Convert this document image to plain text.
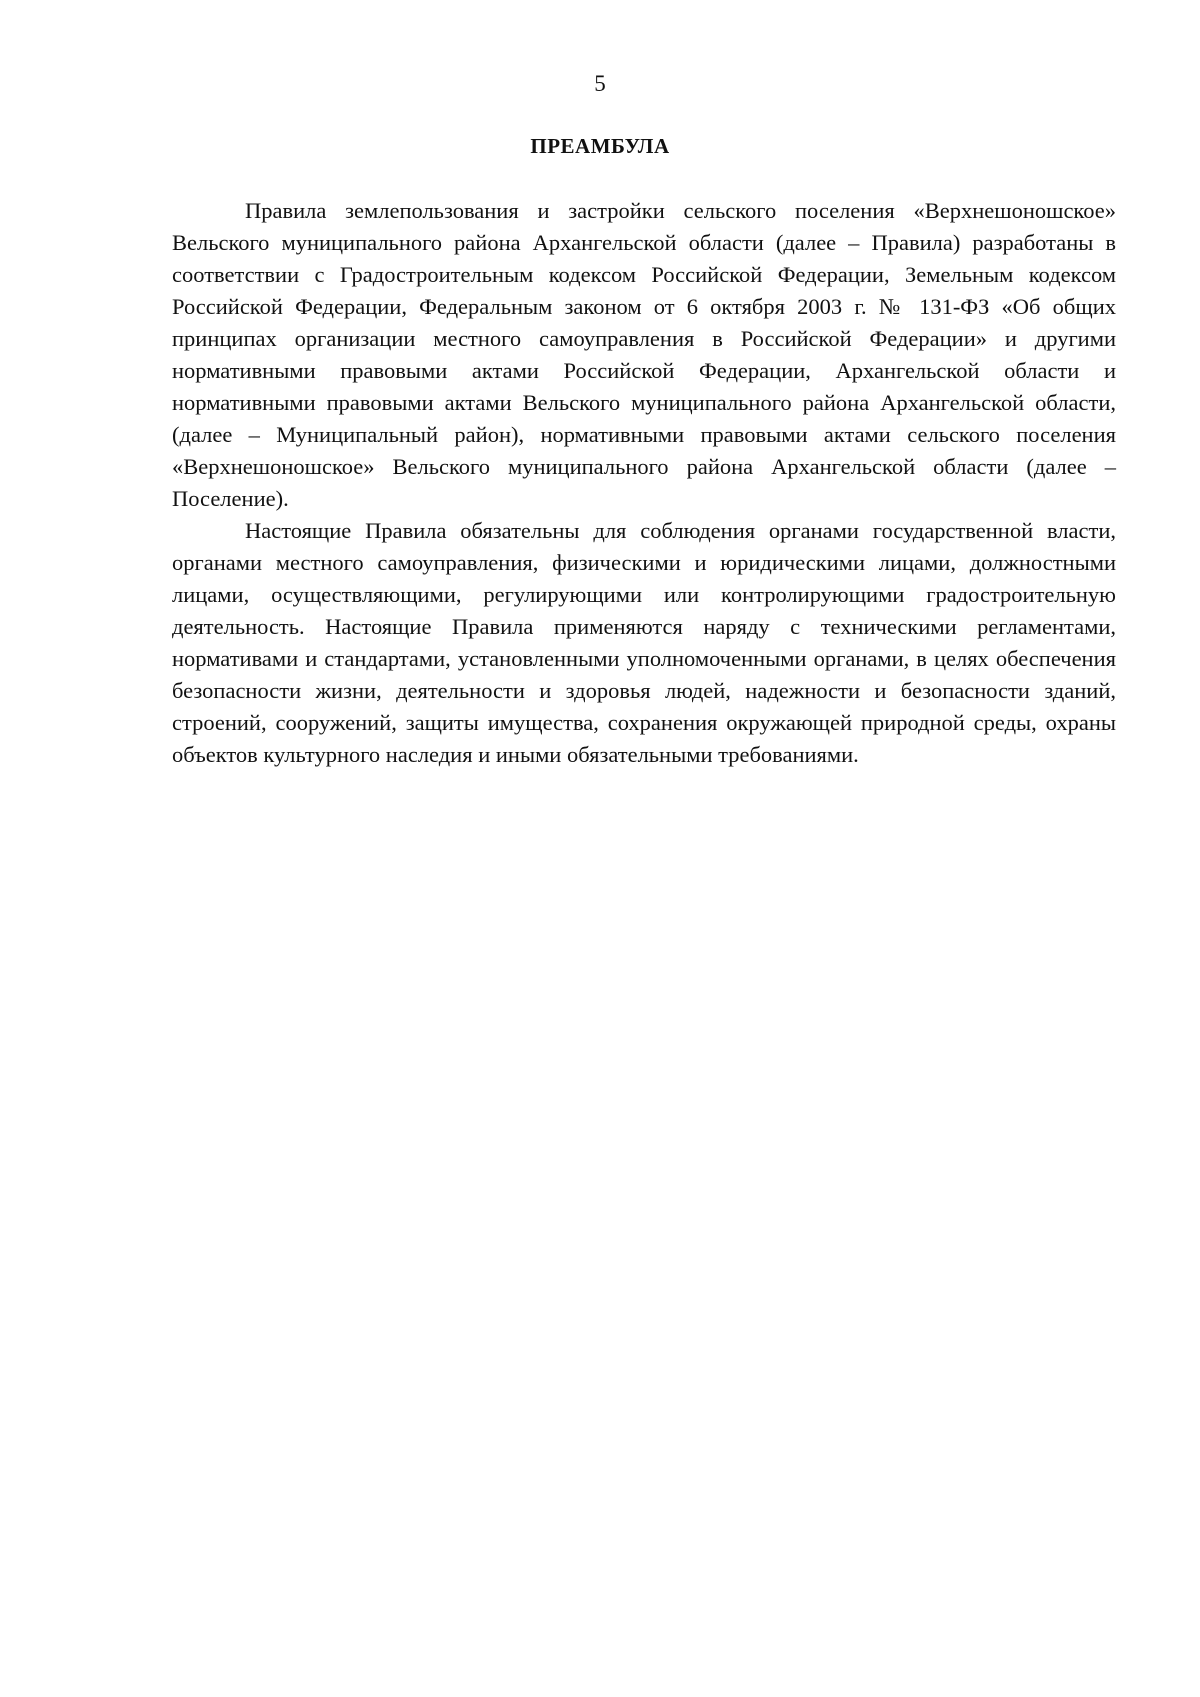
5
ПРЕАМБУЛА

Правила землепользования и застройки сельского поселения «Верхнешоношское» Вельского муниципального района Архангельской области (далее – Правила) разработаны в соответствии с Градостроительным кодексом Российской Федерации, Земельным кодексом Российской Федерации, Федеральным законом от 6 октября 2003 г. № 131-ФЗ «Об общих принципах организации местного самоуправления в Российской Федерации» и другими нормативными правовыми актами Российской Федерации, Архангельской области и нормативными правовыми актами Вельского муниципального района Архангельской области, (далее – Муниципальный район), нормативными правовыми актами сельского поселения «Верхнешоношское» Вельского муниципального района Архангельской области (далее – Поселение).

Настоящие Правила обязательны для соблюдения органами государственной власти, органами местного самоуправления, физическими и юридическими лицами, должностными лицами, осуществляющими, регулирующими или контролирующими градостроительную деятельность. Настоящие Правила применяются наряду с техническими регламентами, нормативами и стандартами, установленными уполномоченными органами, в целях обеспечения безопасности жизни, деятельности и здоровья людей, надежности и безопасности зданий, строений, сооружений, защиты имущества, сохранения окружающей природной среды, охраны объектов культурного наследия и иными обязательными требованиями.
